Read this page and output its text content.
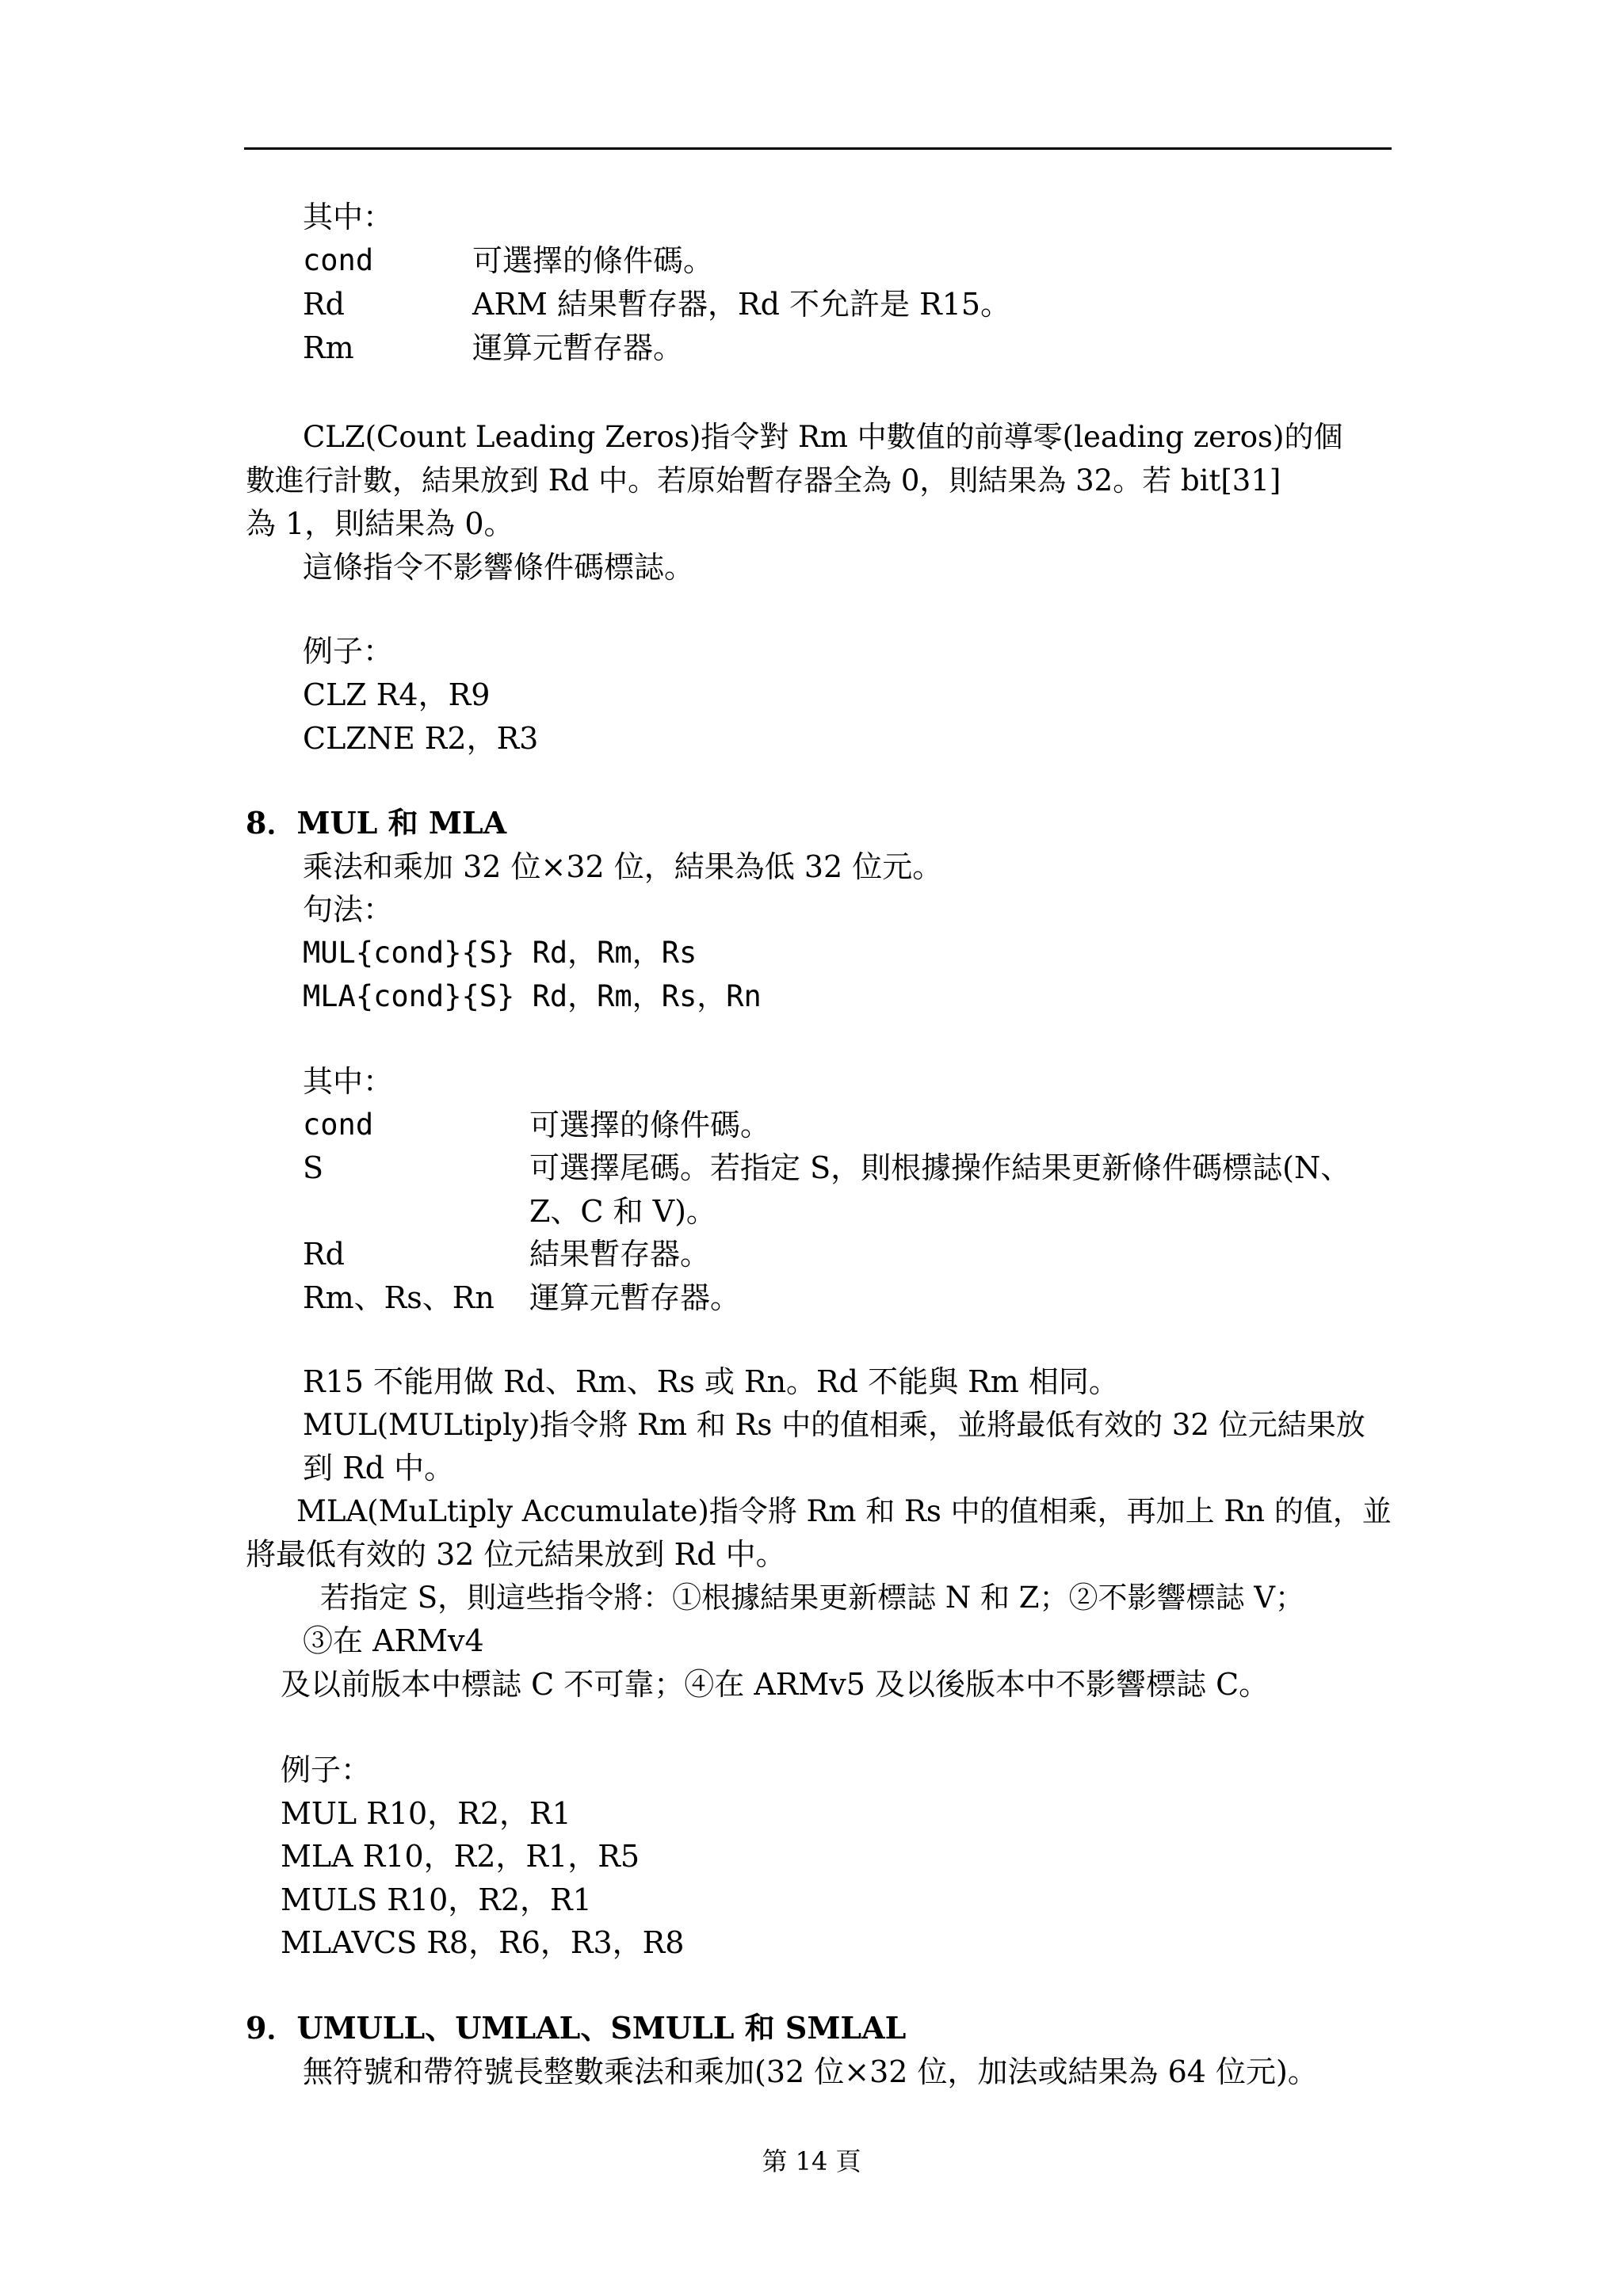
其中：
cond	可選擇的條件碼。
Rd	ARM 結果暫存器，Rd 不允許是 R15。
Rm	運算元暫存器。
CLZ(Count Leading Zeros)指令對 Rm 中數值的前導零(leading zeros)的個
數進行計數，結果放到 Rd 中。若原始暫存器全為 0，則結果為 32。若 bit[31]
為 1，則結果為 0。
這條指令不影響條件碼標誌。
例子：
CLZ R4，R9
CLZNE R2，R3
8．MUL 和 MLA
乘法和乘加 32 位×32 位，結果為低 32 位元。
句法：
MUL{cond}{S} Rd，Rm，Rs
MLA{cond}{S} Rd，Rm，Rs，Rn
其中：
cond	可選擇的條件碼。
S	可選擇尾碼。若指定 S，則根據操作結果更新條件碼標誌(N、
Z、C 和 V)。
Rd	結果暫存器。
Rm、Rs、Rn 運算元暫存器。
R15 不能用做 Rd、Rm、Rs 或 Rn。Rd 不能與 Rm 相同。
MUL(MULtiply)指令將 Rm 和 Rs 中的值相乘，並將最低有效的 32 位元結果放
到 Rd 中。
MLA(MuLtiply Accumulate)指令將 Rm 和 Rs 中的值相乘，再加上 Rn 的值，並
將最低有效的 32 位元結果放到 Rd 中。
若指定 S，則這些指令將：①根據結果更新標誌 N 和 Z；②不影響標誌 V；
③在 ARMv4
及以前版本中標誌 C 不可靠；④在 ARMv5 及以後版本中不影響標誌 C。
例子：
MUL R10，R2，R1
MLA R10，R2，R1，R5
MULS R10，R2，R1
MLAVCS R8，R6，R3，R8
9．UMULL、UMLAL、SMULL 和 SMLAL
無符號和帶符號長整數乘法和乘加(32 位×32 位，加法或結果為 64 位元)。
第 14 頁
